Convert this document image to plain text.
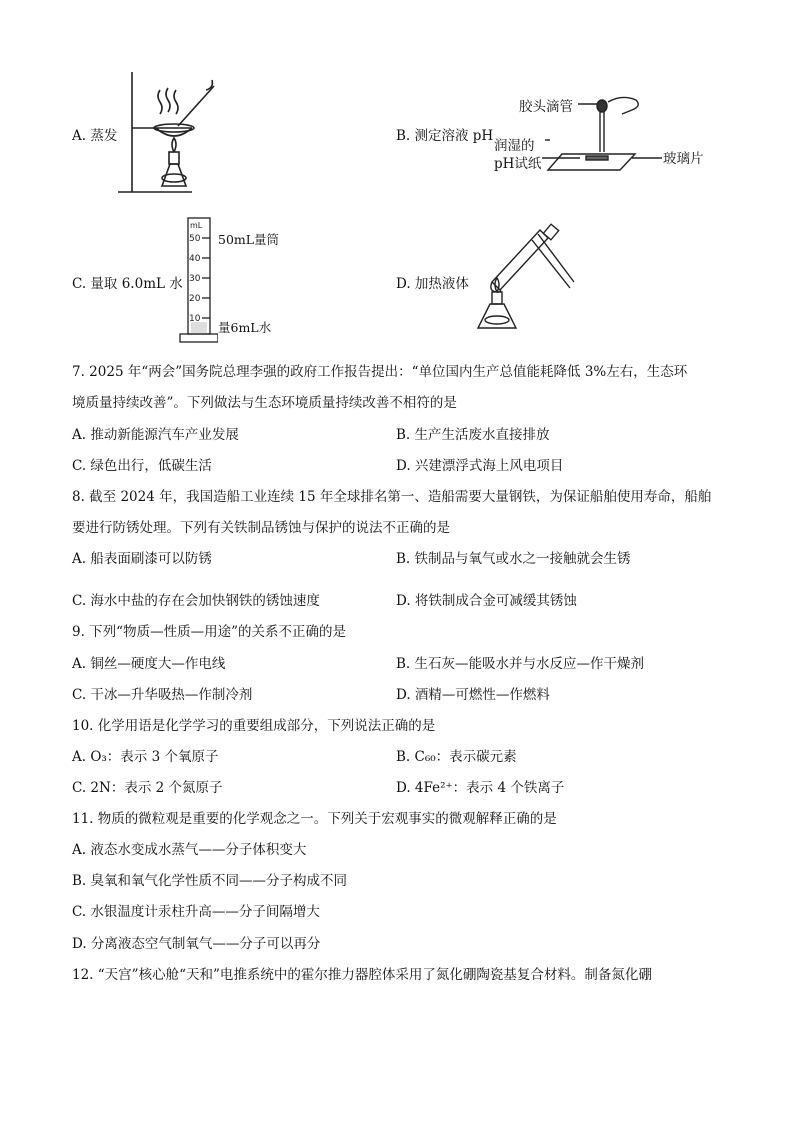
A. 蒸发	B. 测定溶液 pH
胶头滴管
润湿的
pH试纸	玻璃片
C. 量取 6.0mL 水
mL
50
40
30
20
10
50mL量筒
量6mL水
D. 加热液体
7. 2025 年“两会”国务院总理李强的政府工作报告提出：“单位国内生产总值能耗降低 3%左右，生态环
境质量持续改善”。下列做法与生态环境质量持续改善不相符的是
A. 推动新能源汽车产业发展	B. 生产生活废水直接排放
C. 绿色出行，低碳生活	D. 兴建漂浮式海上风电项目
8. 截至 2024 年，我国造船工业连续 15 年全球排名第一、造船需要大量钢铁，为保证船舶使用寿命，船舶
要进行防锈处理。下列有关铁制品锈蚀与保护的说法不正确的是
A. 船表面刷漆可以防锈	B. 铁制品与氧气或水之一接触就会生锈
C. 海水中盐的存在会加快钢铁的锈蚀速度	D. 将铁制成合金可减缓其锈蚀
9. 下列“物质—性质—用途”的关系不正确的是
A. 铜丝—硬度大—作电线	B. 生石灰—能吸水并与水反应—作干燥剂
C. 干冰—升华吸热—作制冷剂	D. 酒精—可燃性—作燃料
10. 化学用语是化学学习的重要组成部分，下列说法正确的是
A. O₃：表示 3 个氧原子	B. C₆₀：表示碳元素
C. 2N：表示 2 个氮原子	D. 4Fe²⁺：表示 4 个铁离子
11. 物质的微粒观是重要的化学观念之一。下列关于宏观事实的微观解释正确的是
A. 液态水变成水蒸气——分子体积变大
B. 臭氧和氧气化学性质不同——分子构成不同
C. 水银温度计汞柱升高——分子间隔增大
D. 分离液态空气制氧气——分子可以再分
12. “天宫”核心舱“天和”电推系统中的霍尔推力器腔体采用了氮化硼陶瓷基复合材料。制备氮化硼
